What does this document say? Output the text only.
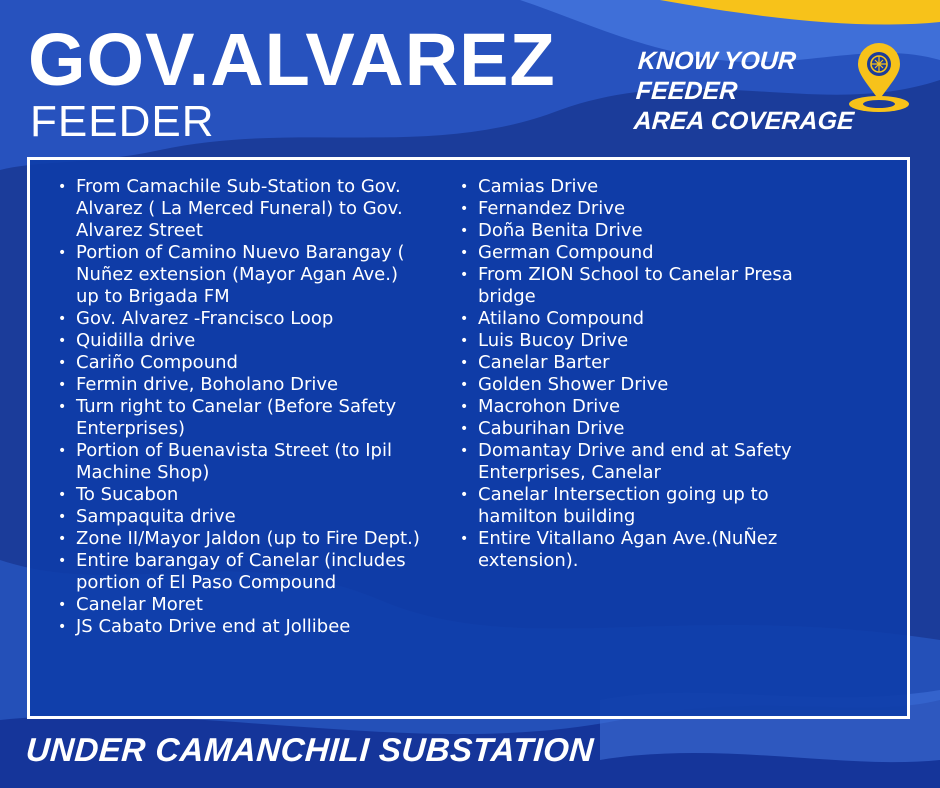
GOV.ALVAREZ
FEEDER
KNOW YOUR FEEDER
AREA COVERAGE
• From Camachile Sub-Station to Gov. Alvarez ( La Merced Funeral) to Gov. Alvarez Street
• Portion of Camino Nuevo Barangay ( Nuñez extension (Mayor Agan Ave.) up to Brigada FM
• Gov. Alvarez -Francisco Loop
• Quidilla drive
• Cariño Compound
• Fermin drive, Boholano Drive
• Turn right to Canelar (Before Safety Enterprises)
• Portion of Buenavista Street (to Ipil Machine Shop)
• To Sucabon
• Sampaquita drive
• Zone II/Mayor Jaldon (up to Fire Dept.)
• Entire barangay of Canelar (includes portion of El Paso Compound
• Canelar Moret
• JS Cabato Drive end at Jollibee
• Camias Drive
• Fernandez Drive
• Doña Benita Drive
• German Compound
• From ZION School to Canelar Presa bridge
• Atilano Compound
• Luis Bucoy Drive
• Canelar Barter
• Golden Shower Drive
• Macrohon Drive
• Caburihan Drive
• Domantay Drive and end at Safety Enterprises, Canelar
• Canelar Intersection going up to hamilton building
• Entire Vitallano Agan Ave.(NuÑez extension).
UNDER CAMANCHILI SUBSTATION
